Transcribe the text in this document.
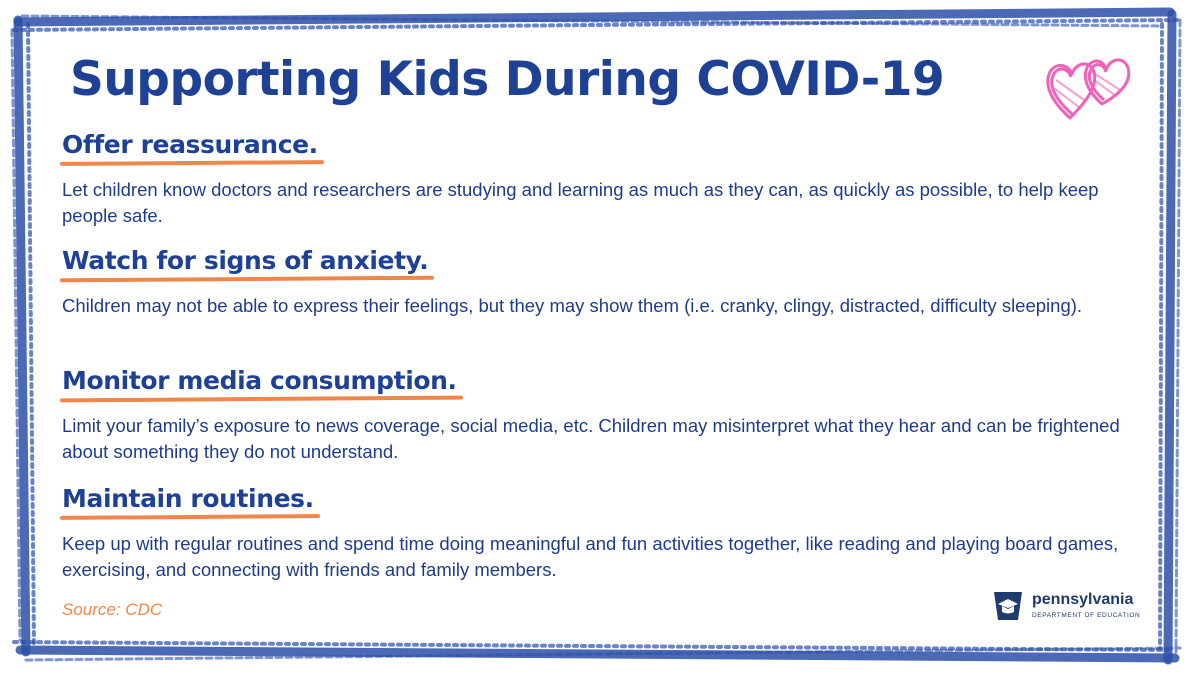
Supporting Kids During COVID-19
Offer reassurance.
Let children know doctors and researchers are studying and learning as much as they can, as quickly as possible, to help keep people safe.
Watch for signs of anxiety.
Children may not be able to express their feelings, but they may show them (i.e. cranky, clingy, distracted, difficulty sleeping).
Monitor media consumption.
Limit your family’s exposure to news coverage, social media, etc. Children may misinterpret what they hear and can be frightened about something they do not understand.
Maintain routines.
Keep up with regular routines and spend time doing meaningful and fun activities together, like reading and playing board games, exercising, and connecting with friends and family members.
Source: CDC
pennsylvania
DEPARTMENT OF EDUCATION
